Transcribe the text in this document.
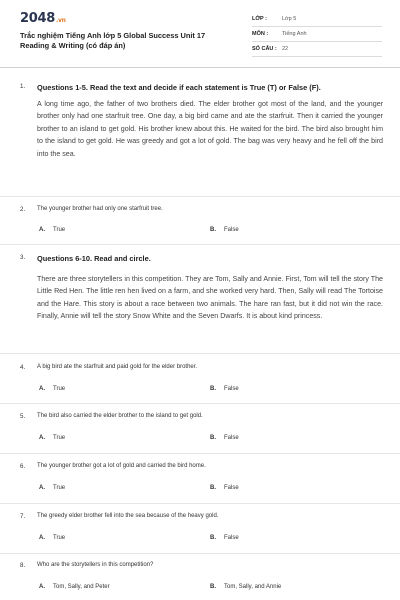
2048.vn
Trắc nghiệm Tiếng Anh lớp 5 Global Success Unit 17 Reading & Writing (có đáp án)
LỚP :	Lớp 5
MÔN :	Tiếng Anh
SỐ CÂU : 22
1. Questions 1-5. Read the text and decide if each statement is True (T) or False (F).

A long time ago, the father of two brothers died. The elder brother got most of the land, and the younger brother only had one starfruit tree. One day, a big bird came and ate the starfruit. Then it carried the younger brother to an island to get gold. His brother knew about this. He waited for the bird. The bird also brought him to the island to get gold. He was greedy and got a lot of gold. The bag was very heavy and he fell off the bird into the sea.

2. The younger brother had only one starfruit tree.
A. True	B. False
3. Questions 6-10. Read and circle.

There are three storytellers in this competition. They are Tom, Sally and Annie. First, Tom will tell the story The Little Red Hen. The little ren hen lived on a farm, and she worked very hard. Then, Sally will read The Tortoise and the Hare. This story is about a race between two animals. The hare ran fast, but it did not win the race. Finally, Annie will tell the story Snow White and the Seven Dwarfs. It is about kind princess.

4. A big bird ate the starfruit and paid gold for the elder brother.
A. True	B. False
5. The bird also carried the elder brother to the island to get gold.
A. True	B. False
6. The younger brother got a lot of gold and carried the bird home.
A. True	B. False
7. The greedy elder brother fell into the sea because of the heavy gold.
A. True	B. False
8. Who are the storytellers in this competition?
A. Tom, Sally, and Peter	B. Tom, Sally, and Annie
